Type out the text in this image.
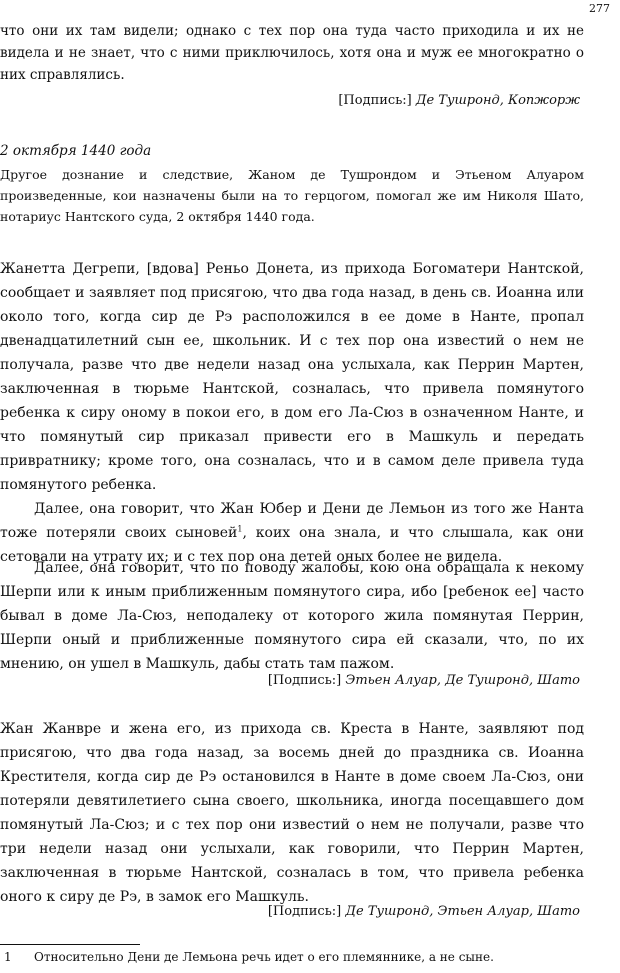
277

что они их там видели; однако с тех пор она туда часто приходила и их не видела и не знает, что с ними приключилось, хотя она и муж ее многократно о них справлялись.

[Подпись:] Де Тушронд, Копжорж

2 октября 1440 года

Другое дознание и следствие, Жаном де Тушрондом и Этьеном Алуаром произведенные, кои назначены были на то герцогом, помогал же им Николя Шато, нотариус Нантского суда, 2 октября 1440 года.

Жанетта Дегрепи, [вдова] Реньо Донета, из прихода Богоматери Нантской, сообщает и заявляет под присягою, что два года назад, в день св. Иоанна или около того, когда сир де Рэ расположился в ее доме в Нанте, пропал двенадцатилетний сын ее, школьник. И с тех пор она известий о нем не получала, разве что две недели назад она услыхала, как Перрин Мартен, заключенная в тюрьме Нантской, созналась, что привела помянутого ребенка к сиру оному в покои его, в дом его Ла-Сюз в означенном Нанте, и что помянутый сир приказал привести его в Машкуль и передать привратнику; кроме того, она созналась, что и в самом деле привела туда помянутого ребенка.

Далее, она говорит, что Жан Юбер и Дени де Лемьон из того же Нанта тоже потеряли своих сыновей$^1$, коих она знала, и что слышала, как они сетовали на утрату их; и с тех пор она детей оных более не видела.

Далее, она говорит, что по поводу жалобы, кою она обращала к некому Шерпи или к иным приближенным помянутого сира, ибо [ребенок ее] часто бывал в доме Ла-Сюз, неподалеку от которого жила помянутая Перрин, Шерпи оный и приближенные помянутого сира ей сказали, что, по их мнению, он ушел в Машкуль, дабы стать там пажом.

[Подпись:] Этьен Алуар, Де Тушронд, Шато

Жан Жанвре и жена его, из прихода св. Креста в Нанте, заявляют под присягою, что два года назад, за восемь дней до праздника св. Иоанна Крестителя, когда сир де Рэ остановился в Нанте в доме своем Ла-Сюз, они потеряли девятилетиего сына своего, школьника, иногда посещавшего дом помянутый Ла-Сюз; и с тех пор они известий о нем не получали, разве что три недели назад они услыхали, как говорили, что Перрин Мартен, заключенная в тюрьме Нантской, созналась в том, что привела ребенка оного к сиру де Рэ, в замок его Машкуль.

[Подпись:] Де Тушронд, Этьен Алуар, Шато

1 Относительно Дени де Лемьона речь идет о его племяннике, а не сыне.
